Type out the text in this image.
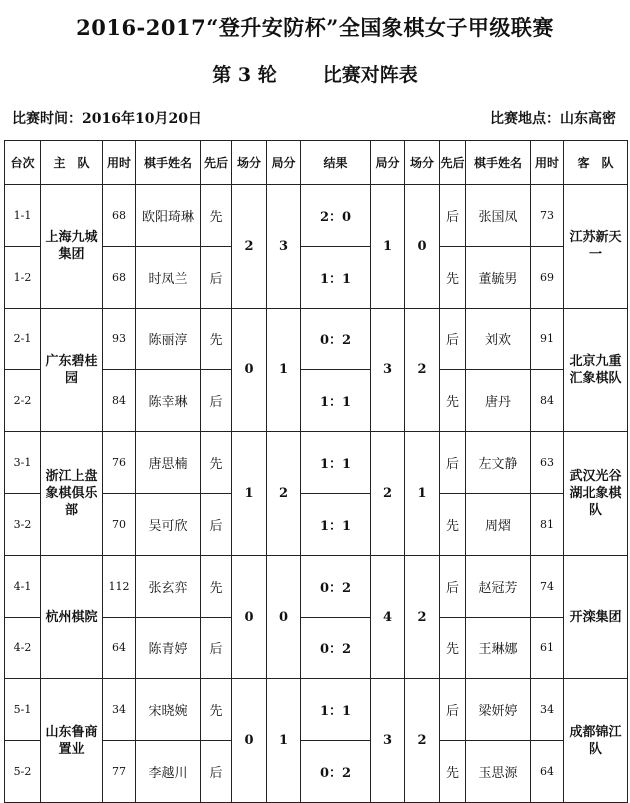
2016-2017“登升安防杯”全国象棋女子甲级联赛
第 3 轮 比赛对阵表
比赛时间：2016年10月20日	比赛地点：山东高密
台次	主　队	用时	棋手姓名	先后	场分	局分	结果	局分	场分	先后	棋手姓名	用时	客　队
1-1	上海九城集团	68	欧阳琦琳	先	2	3	2：0	1	0	后	张国凤	73	江苏新天一
1-2		68	时凤兰	后			1：1			先	董毓男	69	
2-1	广东碧桂园	93	陈丽淳	先	0	1	0：2	3	2	后	刘欢	91	北京九重汇象棋队
2-2		84	陈幸琳	后			1：1			先	唐丹	84	
3-1	浙江上盘象棋俱乐部	76	唐思楠	先	1	2	1：1	2	1	后	左文静	63	武汉光谷湖北象棋队
3-2		70	吴可欣	后			1：1			先	周熠	81	
4-1	杭州棋院	112	张玄弈	先	0	0	0：2	4	2	后	赵冠芳	74	开滦集团
4-2		64	陈青婷	后			0：2			先	王琳娜	61	
5-1	山东鲁商置业	34	宋晓婉	先	0	1	1：1	3	2	后	梁妍婷	34	成都锦江队
5-2		77	李越川	后			0：2			先	玉思源	64	
